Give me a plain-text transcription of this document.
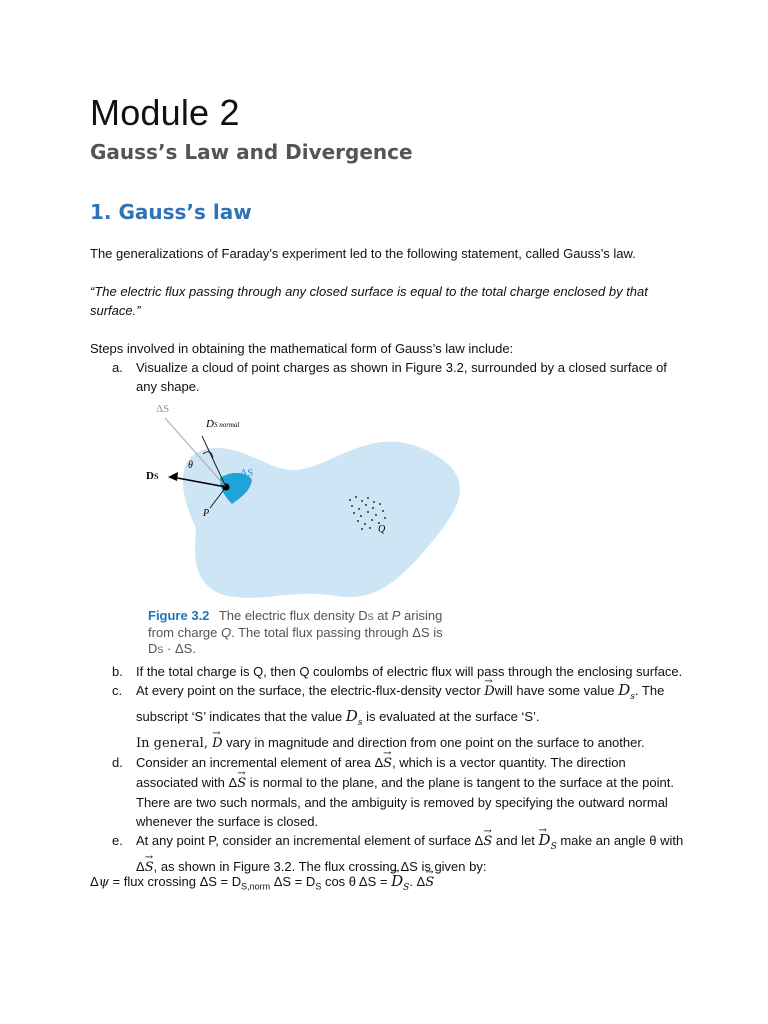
Module 2
Gauss’s Law and Divergence
1. Gauss’s law

The generalizations of Faraday’s experiment led to the following statement, called Gauss’s law.

“The electric flux passing through any closed surface is equal to the total charge enclosed by that surface.”

Steps involved in obtaining the mathematical form of Gauss’s law include:

a. Visualize a cloud of point charges as shown in Figure 3.2, surrounded by a closed surface of any shape.
ΔS
DS normal
θ
DS	ΔS
P
Q
Figure 3.2 The electric flux density DS at P arising
from charge Q. The total flux passing through ΔS is
DS · ΔS.
b. If the total charge is Q, then Q coulombs of electric flux will pass through the enclosing surface.
c. At every point on the surface, the electric-flux-density vector → Dwill have some value $D_s$. The subscript ‘S’ indicates that the value $D_s$ is evaluated at the surface ‘S’.
In general, → D vary in magnitude and direction from one point on the surface to another.
d. Consider an incremental element of area Δ→ S, which is a vector quantity. The direction associated with Δ→ S is normal to the plane, and the plane is tangent to the surface at the point. There are two such normals, and the ambiguity is removed by specifying the outward normal whenever the surface is closed.
e. At any point P, consider an incremental element of surface Δ→ S and let → $D_S$ make an angle θ with Δ→ S, as shown in Figure 3.2. The flux crossing ΔS is given by:
Δψ = flux crossing $\Delta S = D_{S,norm}$ $\Delta S = D_S$ cos θ ΔS = → $D_S$. Δ→ S
